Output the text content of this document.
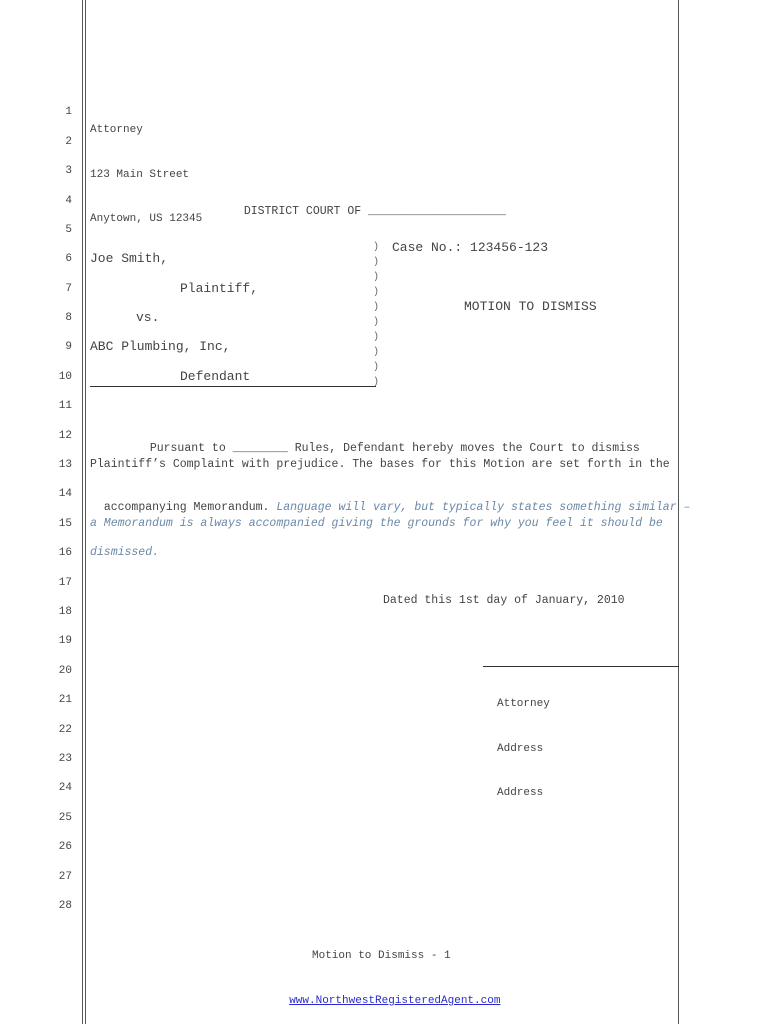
1
2
3
4
5
6
7
8
9
10
11
12
13
14
15
16
17
18
19
20
21
22
23
24
25
26
27
28

Attorney

123 Main Street

Anytown, US 12345

DISTRICT COURT OF ____________________

Joe Smith,
Plaintiff,
vs.
ABC Plumbing, Inc,
Defendant
)
)
)
)
)
)
)
)
)
)
Case No.: 123456-123
MOTION TO DISMISS

Pursuant to ________ Rules, Defendant hereby moves the Court to dismiss

Plaintiff’s Complaint with prejudice. The bases for this Motion are set forth in the

accompanying Memorandum. Language will vary, but typically states something similar –

a Memorandum is always accompanied giving the grounds for why you feel it should be
dismissed.
Dated this 1st day of January, 2010

Attorney

Address

Address

Motion to Dismiss - 1

www.NorthwestRegisteredAgent.com
